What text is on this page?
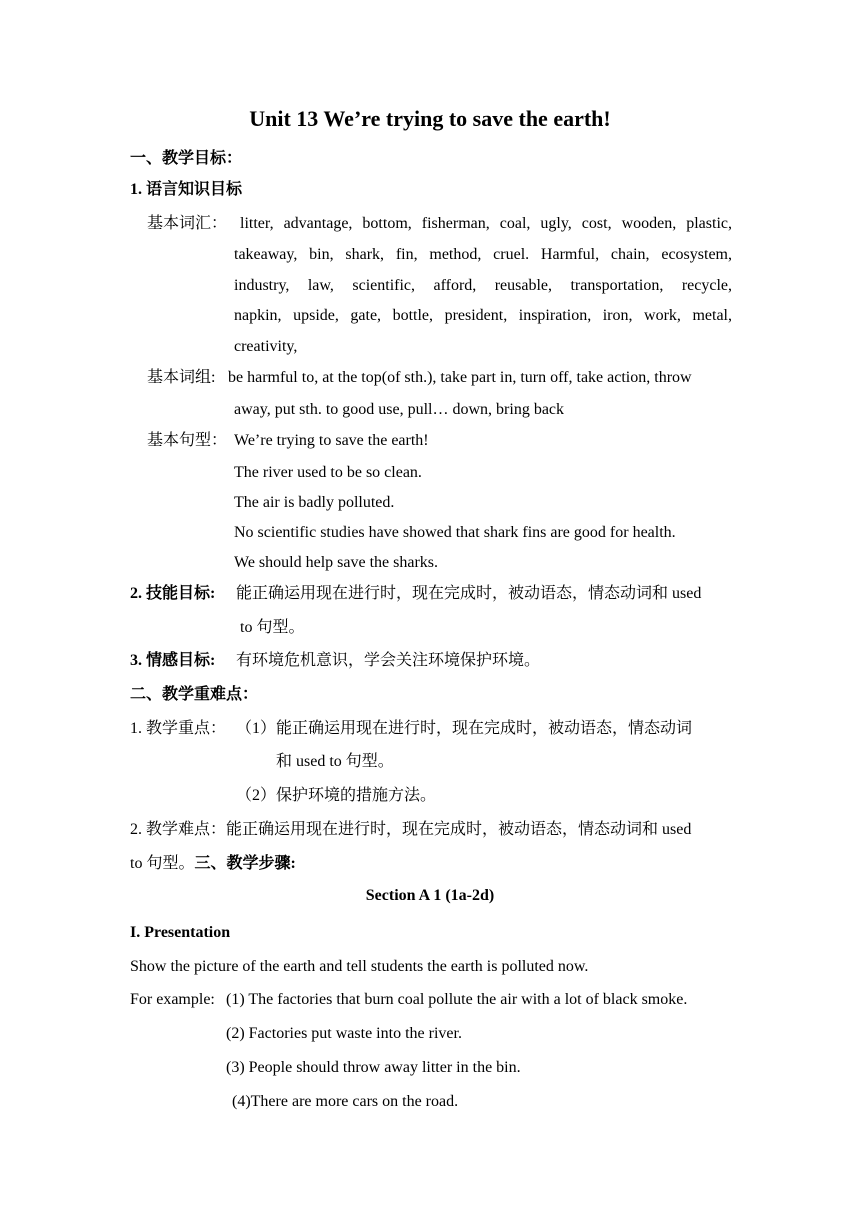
Unit 13 We’re trying to save the earth!
一、教学目标：
1. 语言知识目标
基本词汇： litter, advantage, bottom, fisherman, coal, ugly, cost, wooden, plastic,
takeaway, bin, shark, fin, method, cruel. Harmful, chain, ecosystem,
industry, law, scientific, afford, reusable, transportation, recycle,
napkin, upside, gate, bottle, president, inspiration, iron, work, metal,
creativity,
基本词组: be harmful to, at the top(of sth.), take part in, turn off, take action, throw
away, put sth. to good use, pull… down, bring back
基本句型： We’re trying to save the earth!
The river used to be so clean.
The air is badly polluted.
No scientific studies have showed that shark fins are good for health.
We should help save the sharks.
2. 技能目标: 能正确运用现在进行时，现在完成时，被动语态，情态动词和 used
to 句型。
3. 情感目标: 有环境危机意识，学会关注环境保护环境。
二、教学重难点：
1. 教学重点： （1）能正确运用现在进行时，现在完成时，被动语态，情态动词
和 used to 句型。
（2）保护环境的措施方法。
2. 教学难点：能正确运用现在进行时，现在完成时，被动语态，情态动词和 used
to 句型。三、教学步骤:
Section A 1 (1a-2d)
I. Presentation
Show the picture of the earth and tell students the earth is polluted now.
For example: (1) The factories that burn coal pollute the air with a lot of black smoke.
(2) Factories put waste into the river.
(3) People should throw away litter in the bin.
(4)There are more cars on the road.
